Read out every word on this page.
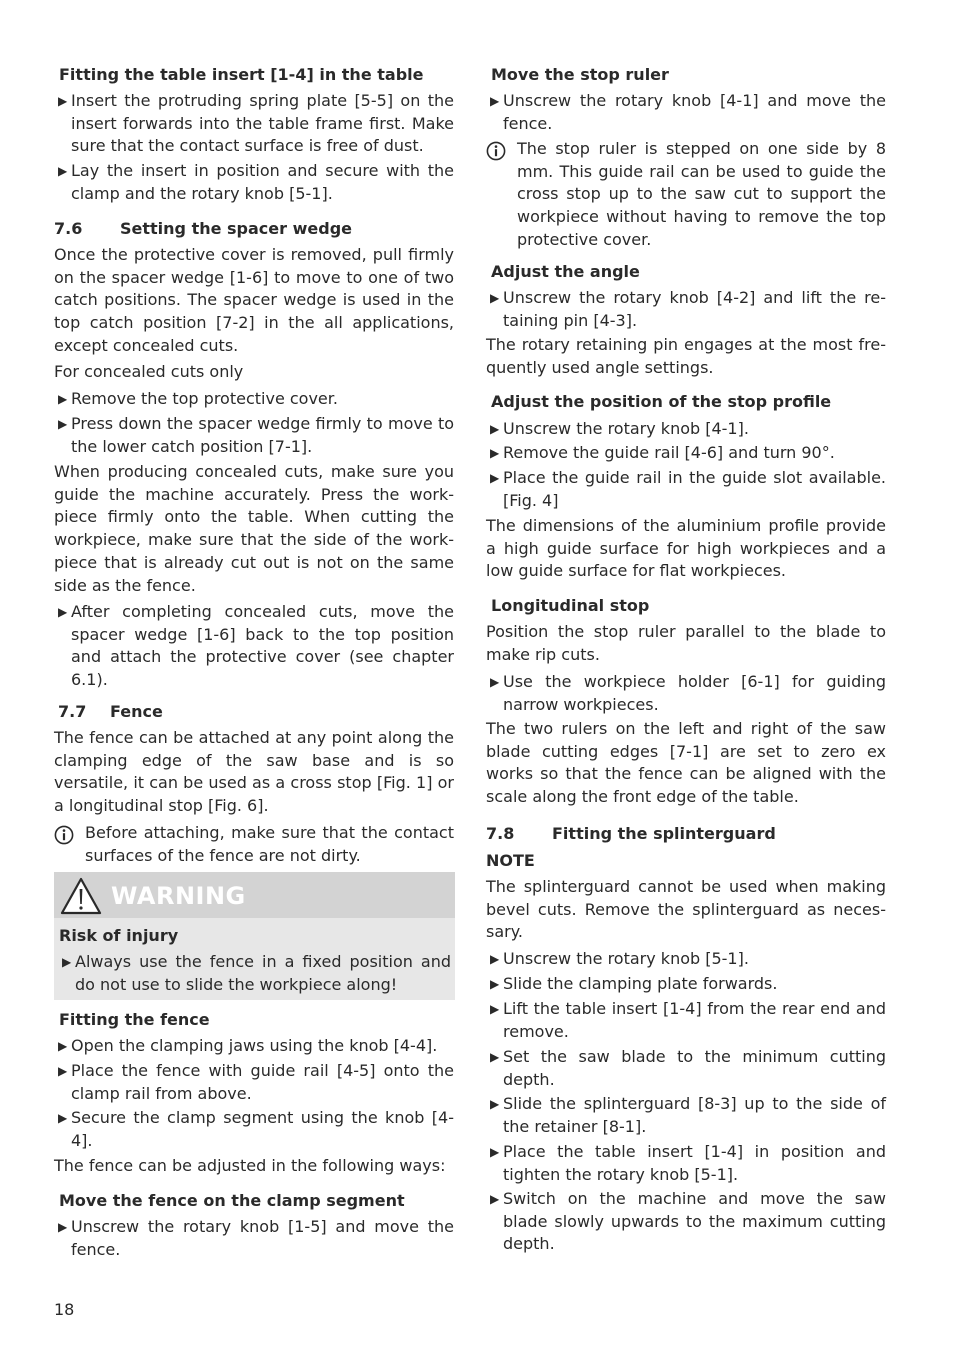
Fitting the table insert [1-4] in the table
▶ Insert the protruding spring plate [5-5] on the insert forwards into the table frame first. Make sure that the contact surface is free of dust.
▶ Lay the insert in position and secure with the clamp and the rotary knob [5-1].
7.6 Setting the spacer wedge
Once the protective cover is removed, pull firmly on the spacer wedge [1-6] to move to one of two catch positions. The spacer wedge is used in the top catch position [7-2] in the all applications, except concealed cuts.
For concealed cuts only
▶ Remove the top protective cover.
▶ Press down the spacer wedge firmly to move to the lower catch position [7-1].
When producing concealed cuts, make sure you guide the machine accurately. Press the work-piece firmly onto the table. When cutting the workpiece, make sure that the side of the work-piece that is already cut out is not on the same side as the fence.
▶ After completing concealed cuts, move the spacer wedge [1-6] back to the top position and attach the protective cover (see chapter 6.1).
7.7 Fence
The fence can be attached at any point along the clamping edge of the saw base and is so versatile, it can be used as a cross stop [Fig. 1] or a longitudinal stop [Fig. 6].
Before attaching, make sure that the contact surfaces of the fence are not dirty.
WARNING
Risk of injury
▶ Always use the fence in a fixed position and do not use to slide the workpiece along!
Fitting the fence
▶ Open the clamping jaws using the knob [4-4].
▶ Place the fence with guide rail [4-5] onto the clamp rail from above.
▶ Secure the clamp segment using the knob [4-4].
The fence can be adjusted in the following ways:
Move the fence on the clamp segment
▶ Unscrew the rotary knob [1-5] and move the fence.
Move the stop ruler
▶ Unscrew the rotary knob [4-1] and move the fence.
The stop ruler is stepped on one side by 8 mm. This guide rail can be used to guide the cross stop up to the saw cut to support the workpiece without having to remove the top protective cover.
Adjust the angle
▶ Unscrew the rotary knob [4-2] and lift the re-taining pin [4-3].
The rotary retaining pin engages at the most fre-quently used angle settings.
Adjust the position of the stop profile
▶ Unscrew the rotary knob [4-1].
▶ Remove the guide rail [4-6] and turn 90°.
▶ Place the guide rail in the guide slot available. [Fig. 4]
The dimensions of the aluminium profile provide a high guide surface for high workpieces and a low guide surface for flat workpieces.
Longitudinal stop
Position the stop ruler parallel to the blade to make rip cuts.
▶ Use the workpiece holder [6-1] for guiding narrow workpieces.
The two rulers on the left and right of the saw blade cutting edges [7-1] are set to zero ex works so that the fence can be aligned with the scale along the front edge of the table.
7.8 Fitting the splinterguard
NOTE
The splinterguard cannot be used when making bevel cuts. Remove the splinterguard as neces-sary.
▶ Unscrew the rotary knob [5-1].
▶ Slide the clamping plate forwards.
▶ Lift the table insert [1-4] from the rear end and remove.
▶ Set the saw blade to the minimum cutting depth.
▶ Slide the splinterguard [8-3] up to the side of the retainer [8-1].
▶ Place the table insert [1-4] in position and tighten the rotary knob [5-1].
▶ Switch on the machine and move the saw blade slowly upwards to the maximum cutting depth.
18
